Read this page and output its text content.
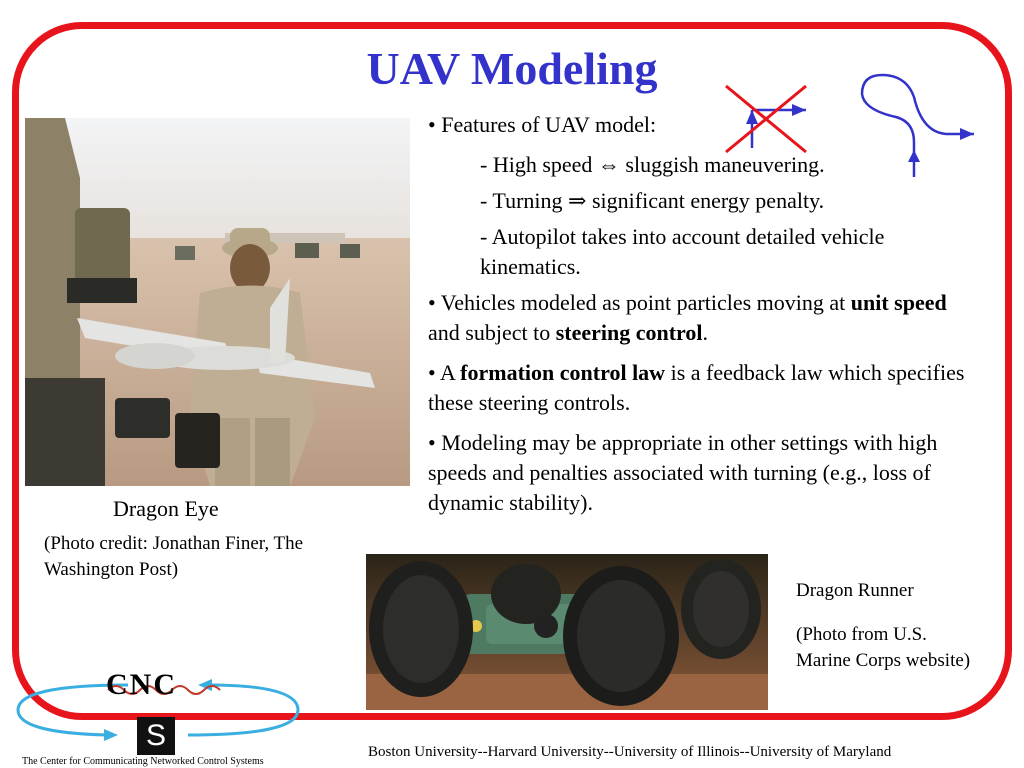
UAV Modeling
Dragon Eye
(Photo credit: Jonathan Finer, The Washington Post)

• Features of UAV model:

- High speed ⇔ sluggish maneuvering.

- Turning ⇒ significant energy penalty.

- Autopilot takes into account detailed vehicle kinematics.

• Vehicles modeled as point particles moving at unit speed and subject to steering control.

• A formation control law is a feedback law which specifies these steering controls.

• Modeling may be appropriate in other settings with high speeds and penalties associated with turning (e.g., loss of dynamic stability).

Dragon Runner
(Photo from U.S. Marine Corps website)
CNC
S
The Center for Communicating Networked Control Systems
Boston University--Harvard University--University of Illinois--University of Maryland
